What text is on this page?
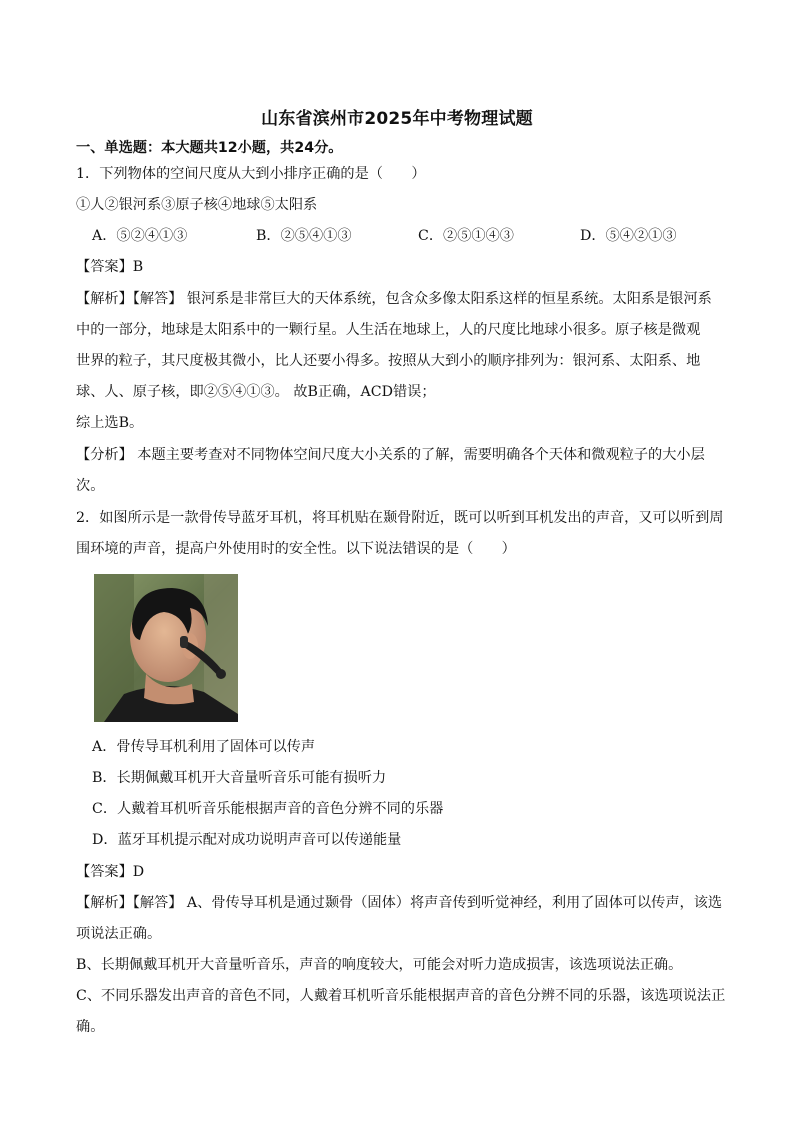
山东省滨州市2025年中考物理试题
一、单选题：本大题共12小题，共24分。
1．下列物体的空间尺度从大到小排序正确的是（　　）
①人②银河系③原子核④地球⑤太阳系
A．⑤②④①③	B．②⑤④①③	C．②⑤①④③	D．⑤④②①③
【答案】B
【解析】【解答】 银河系是非常巨大的天体系统，包含众多像太阳系这样的恒星系统。太阳系是银河系
中的一部分，地球是太阳系中的一颗行星。人生活在地球上，人的尺度比地球小很多。原子核是微观
世界的粒子，其尺度极其微小，比人还要小得多。按照从大到小的顺序排列为：银河系、太阳系、地
球、人、原子核，即②⑤④①③。 故B正确，ACD错误；
综上选B。
【分析】 本题主要考查对不同物体空间尺度大小关系的了解，需要明确各个天体和微观粒子的大小层
次。
2．如图所示是一款骨传导蓝牙耳机，将耳机贴在颞骨附近，既可以听到耳机发出的声音，又可以听到周
围环境的声音，提高户外使用时的安全性。以下说法错误的是（　　）
A．骨传导耳机利用了固体可以传声
B．长期佩戴耳机开大音量听音乐可能有损听力
C．人戴着耳机听音乐能根据声音的音色分辨不同的乐器
D．蓝牙耳机提示配对成功说明声音可以传递能量
【答案】D
【解析】【解答】 A、骨传导耳机是通过颞骨（固体）将声音传到听觉神经，利用了固体可以传声，该选
项说法正确。
B、长期佩戴耳机开大音量听音乐，声音的响度较大，可能会对听力造成损害，该选项说法正确。
C、不同乐器发出声音的音色不同，人戴着耳机听音乐能根据声音的音色分辨不同的乐器，该选项说法正
确。
